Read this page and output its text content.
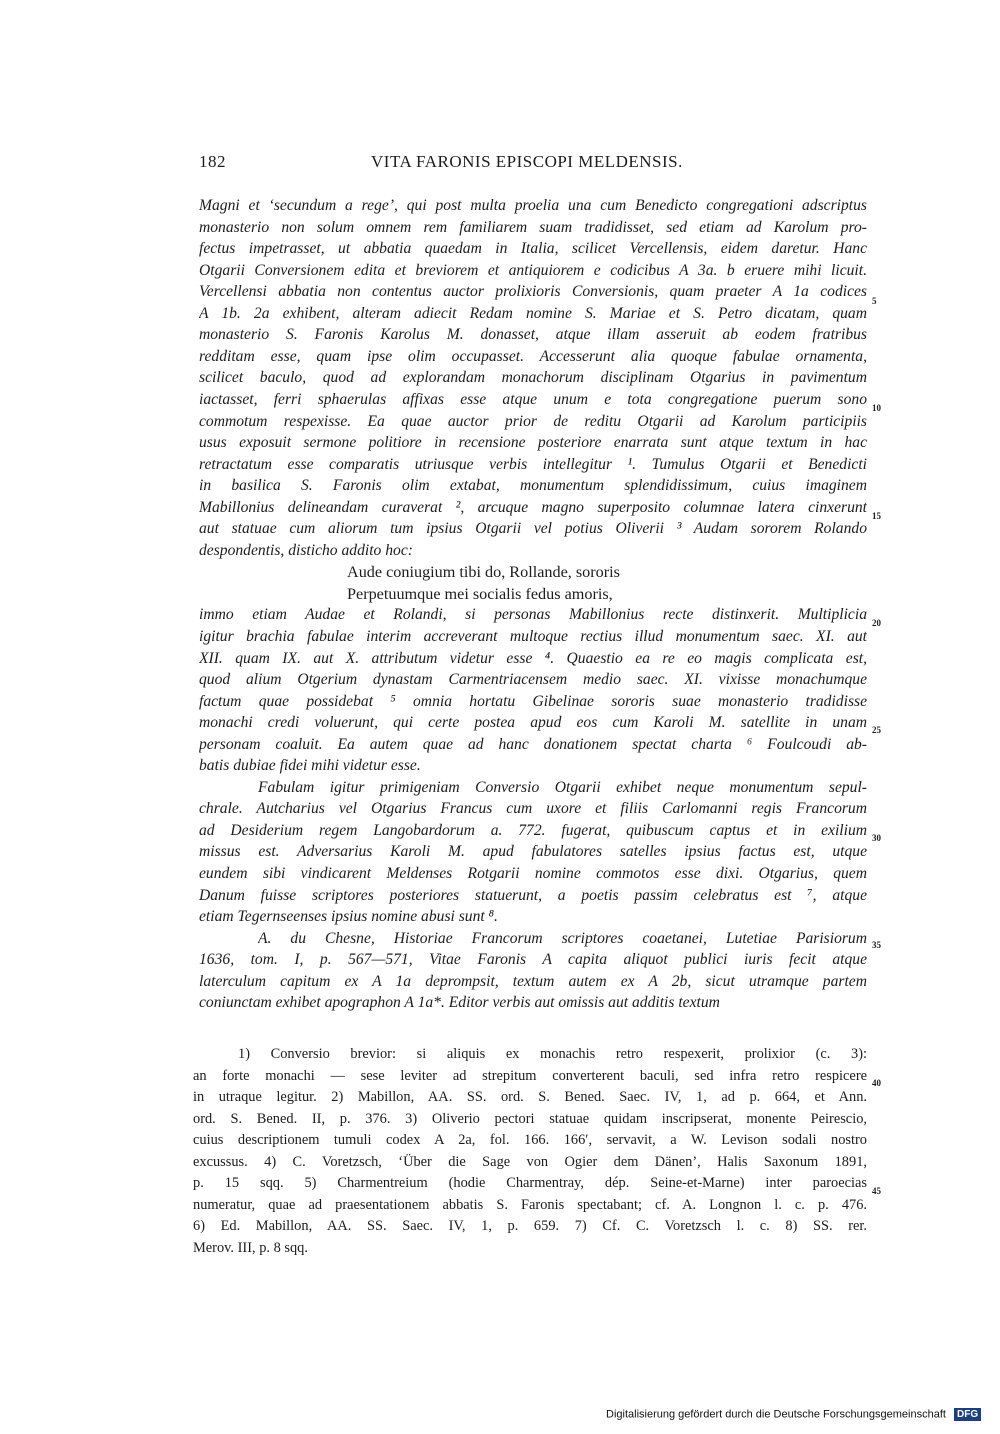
182	VITA FARONIS EPISCOPI MELDENSIS.
Magni et ‘secundum a rege’, qui post multa proelia una cum Benedicto congregationi adscriptus
monasterio non solum omnem rem familiarem suam tradidisset, sed etiam ad Karolum pro-
fectus impetrasset, ut abbatia quaedam in Italia, scilicet Vercellensis, eidem daretur. Hanc
Otgarii Conversionem edita et breviorem et antiquiorem e codicibus A 3a. b eruere mihi licuit.
Vercellensi abbatia non contentus auctor prolixioris Conversionis, quam praeter A 1a codices
A 1b. 2a exhibent, alteram adiecit Redam nomine S. Mariae et S. Petro dicatam, quam
monasterio S. Faronis Karolus M. donasset, atque illam asseruit ab eodem fratribus
redditam esse, quam ipse olim occupasset. Accesserunt alia quoque fabulae ornamenta,
scilicet baculo, quod ad explorandam monachorum disciplinam Otgarius in pavimentum
iactasset, ferri sphaerulas affixas esse atque unum e tota congregatione puerum sono
commotum respexisse. Ea quae auctor prior de reditu Otgarii ad Karolum participiis
usus exposuit sermone politiore in recensione posteriore enarrata sunt atque textum in hac
retractatum esse comparatis utriusque verbis intellegitur ¹. Tumulus Otgarii et Benedicti
in basilica S. Faronis olim extabat, monumentum splendidissimum, cuius imaginem
Mabillonius delineandam curaverat ², arcuque magno superposito columnae latera cinxerunt
aut statuae cum aliorum tum ipsius Otgarii vel potius Oliverii ³ Audam sororem Rolando
despondentis, disticho addito hoc:
Aude coniugium tibi do, Rollande, sororis
Perpetuumque mei socialis fedus amoris,
immo etiam Audae et Rolandi, si personas Mabillonius recte distinxerit. Multiplicia
igitur brachia fabulae interim accreverant multoque rectius illud monumentum saec. XI. aut
XII. quam IX. aut X. attributum videtur esse ⁴. Quaestio ea re eo magis complicata est,
quod alium Otgerium dynastam Carmentriacensem medio saec. XI. vixisse monachumque
factum quae possidebat ⁵ omnia hortatu Gibelinae sororis suae monasterio tradidisse
monachi credi voluerunt, qui certe postea apud eos cum Karoli M. satellite in unam
personam coaluit. Ea autem quae ad hanc donationem spectat charta ⁶ Foulcoudi ab-
batis dubiae fidei mihi videtur esse.
Fabulam igitur primigeniam Conversio Otgarii exhibet neque monumentum sepul-
chrale. Autcharius vel Otgarius Francus cum uxore et filiis Carlomanni regis Francorum
ad Desiderium regem Langobardorum a. 772. fugerat, quibuscum captus et in exilium
missus est. Adversarius Karoli M. apud fabulatores satelles ipsius factus est, utque
eundem sibi vindicarent Meldenses Rotgarii nomine commotos esse dixi. Otgarius, quem
Danum fuisse scriptores posteriores statuerunt, a poetis passim celebratus est ⁷, atque
etiam Tegernseenses ipsius nomine abusi sunt ⁸.
A. du Chesne, Historiae Francorum scriptores coaetanei, Lutetiae Parisiorum
1636, tom. I, p. 567—571, Vitae Faronis A capita aliquot publici iuris fecit atque
laterculum capitum ex A 1a deprompsit, textum autem ex A 2b, sicut utramque partem
coniunctam exhibet apographon A 1a*. Editor verbis aut omissis aut additis textum
5
10
15
20
25
30
35
40
45
1) Conversio brevior: si aliquis ex monachis retro respexerit, prolixior (c. 3):
an forte monachi — sese leviter ad strepitum converterent baculi, sed infra retro respicere
in utraque legitur. 2) Mabillon, AA. SS. ord. S. Bened. Saec. IV, 1, ad p. 664, et Ann.
ord. S. Bened. II, p. 376. 3) Oliverio pectori statuae quidam inscripserat, monente Peirescio,
cuius descriptionem tumuli codex A 2a, fol. 166. 166′, servavit, a W. Levison sodali nostro
excussus. 4) C. Voretzsch, ‘Über die Sage von Ogier dem Dänen’, Halis Saxonum 1891,
p. 15 sqq. 5) Charmentreium (hodie Charmentray, dép. Seine-et-Marne) inter paroecias
numeratur, quae ad praesentationem abbatis S. Faronis spectabant; cf. A. Longnon l. c. p. 476.
6) Ed. Mabillon, AA. SS. Saec. IV, 1, p. 659. 7) Cf. C. Voretzsch l. c. 8) SS. rer.
Merov. III, p. 8 sqq.
Digitalisierung gefördert durch die Deutsche Forschungsgemeinschaft DFG
